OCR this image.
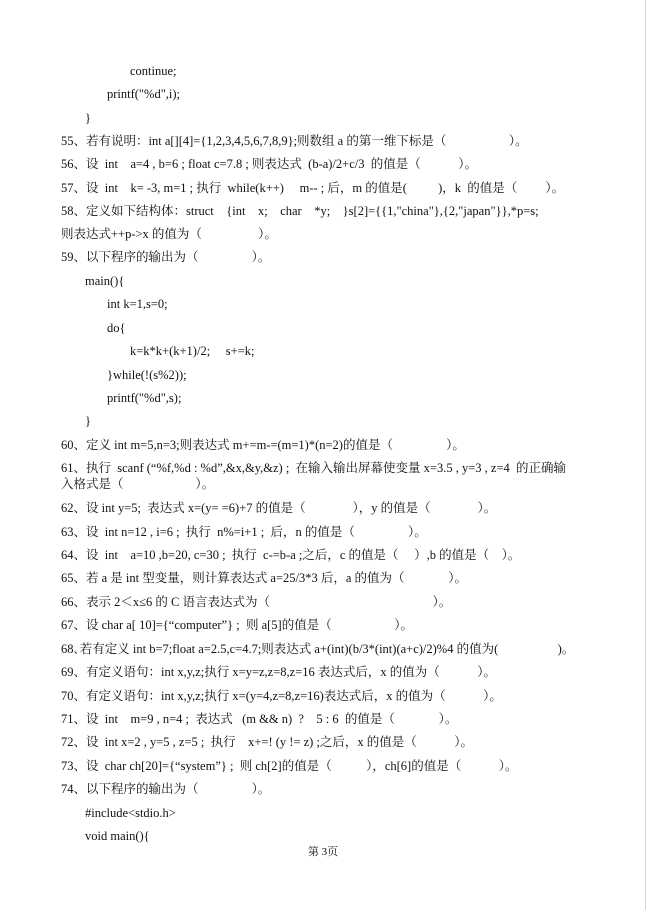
continue;
printf("%d",i);
}
55、若有说明：int a[][4]={1,2,3,4,5,6,7,8,9};则数组 a 的第一维下标是（                    ）。
56、设  int    a=4 , b=6 ; float c=7.8 ; 则表达式  (b-a)/2+c/3  的值是（            ）。
57、设  int    k= -3, m=1 ; 执行  while(k++)     m-- ; 后，m 的值是(          )，k  的值是（         ）。
58、定义如下结构体：struct    {int    x;    char    *y;    }s[2]={{1,"china"},{2,"japan"}},*p=s;
则表达式++p->x 的值为（                  ）。
59、以下程序的输出为（                 ）。
main(){
int k=1,s=0;
do{
k=k*k+(k+1)/2;     s+=k;
}while(!(s%2));
printf("%d",s);
}
60、定义 int m=5,n=3;则表达式 m+=m-=(m=1)*(n=2)的值是（                 ）。
61、执行  scanf (“%f,%d : %d”,&x,&y,&z) ;  在输入输出屏幕使变量 x=3.5 , y=3 , z=4  的正确输
入格式是（                       ）。
62、设 int y=5;  表达式 x=(y= =6)+7 的值是（               ），y 的值是（               ）。
63、设  int n=12 , i=6 ;  执行  n%=i+1 ;  后，n 的值是（                 ）。
64、设  int    a=10 ,b=20, c=30 ;  执行  c-=b-a ;之后，c 的值是（     ）,b 的值是（    ）。
65、若 a 是 int 型变量，则计算表达式 a=25/3*3 后，a 的值为（              ）。
66、表示 2＜x≤6 的 C 语言表达式为（                                                    ）。
67、设 char a[ 10]={“computer”} ;  则 a[5]的值是（                    ）。
68､若有定义 int b=7;float a=2.5,c=4.7;则表达式 a+(int)(b/3*(int)(a+c)/2)%4 的值为(                   )。
69、有定义语句：int x,y,z;执行 x=y=z,z=8,z=16 表达式后，x 的值为（            ）。
70、有定义语句：int x,y,z;执行 x=(y=4,z=8,z=16)表达式后，x 的值为（            ）。
71、设  int    m=9 , n=4 ;  表达式   (m && n)  ?    5 : 6  的值是（              ）。
72、设  int x=2 , y=5 , z=5 ;  执行    x+=! (y != z) ;之后，x 的值是（            ）。
73、设  char ch[20]={“system”} ;  则 ch[2]的值是（           ），ch[6]的值是（            ）。
74、以下程序的输出为（                 ）。
#include<stdio.h>
void main(){
第 3页
